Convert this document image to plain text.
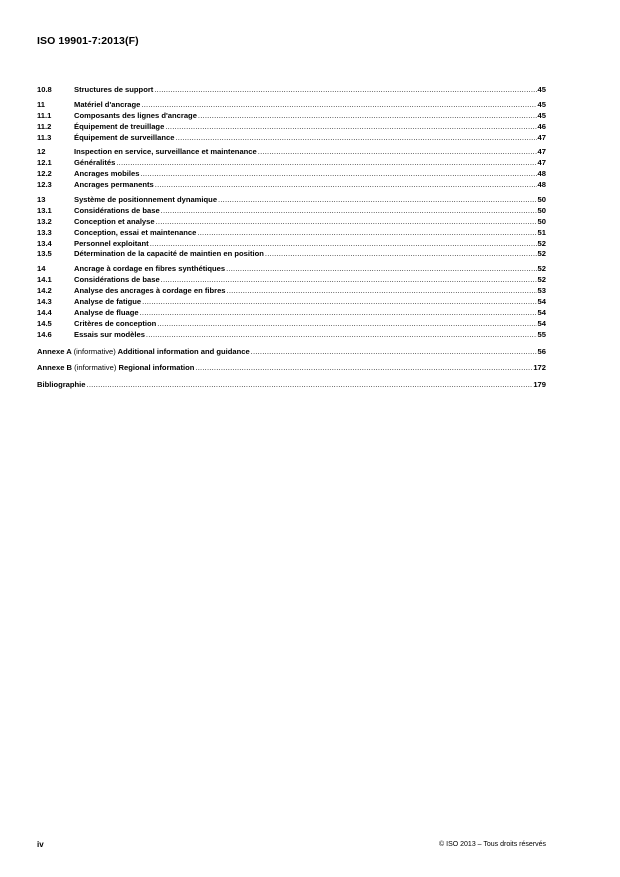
ISO 19901-7:2013(F)
10.8	Structures de support .....	45
11	Matériel d'ancrage .....	45
11.1	Composants des lignes d'ancrage .....	45
11.2	Équipement de treuillage .....	46
11.3	Équipement de surveillance .....	47
12	Inspection en service, surveillance et maintenance .....	47
12.1	Généralités .....	47
12.2	Ancrages mobiles .....	48
12.3	Ancrages permanents .....	48
13	Système de positionnement dynamique .....	50
13.1	Considérations de base .....	50
13.2	Conception et analyse .....	50
13.3	Conception, essai et maintenance .....	51
13.4	Personnel exploitant .....	52
13.5	Détermination de la capacité de maintien en position .....	52
14	Ancrage à cordage en fibres synthétiques .....	52
14.1	Considérations de base .....	52
14.2	Analyse des ancrages à cordage en fibres .....	53
14.3	Analyse de fatigue .....	54
14.4	Analyse de fluage .....	54
14.5	Critères de conception .....	54
14.6	Essais sur modèles .....	55
Annexe A (informative) Additional information and guidance .....	56
Annexe B (informative) Regional information .....	172
Bibliographie .....	179
iv	© ISO 2013 – Tous droits réservés
